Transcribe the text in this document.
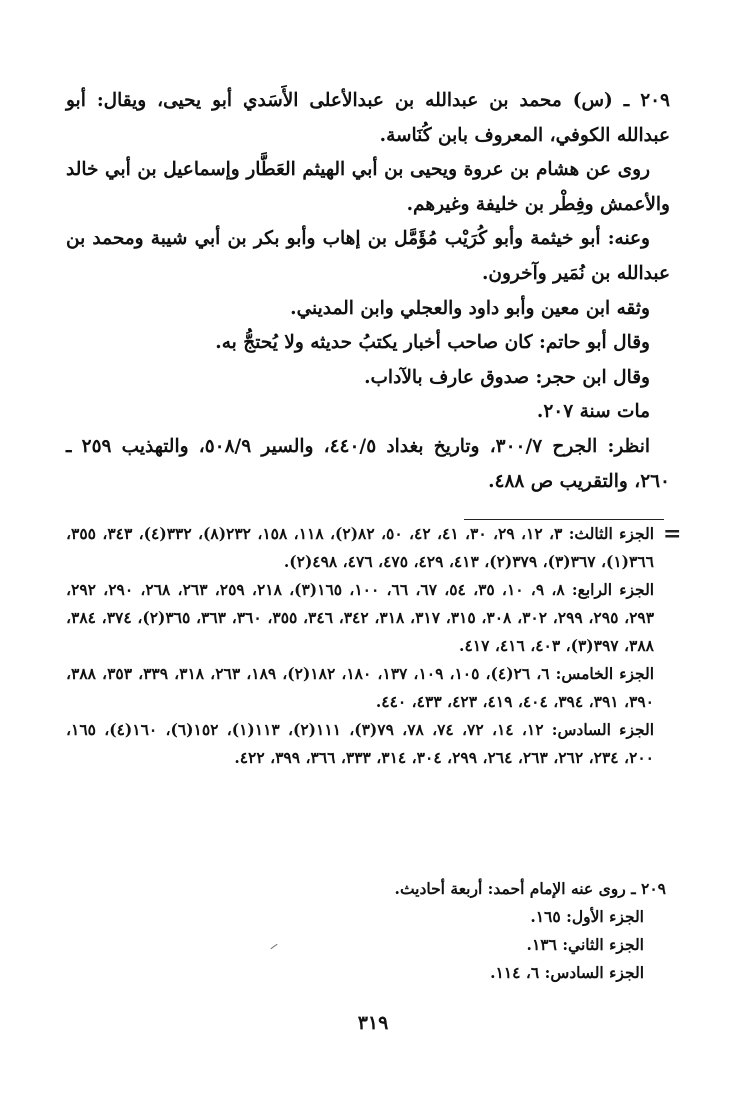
٢٠٩ ـ (س) محمد بن عبدالله بن عبدالأعلى الأَسَدي أبو يحيى، ويقال: أبو عبدالله الكوفي، المعروف بابن كُنَاسة.

روى عن هشام بن عروة ويحيى بن أبي الهيثم العَطَّار وإسماعيل بن أبي خالد والأعمش وفِطْر بن خليفة وغيرهم.

وعنه: أبو خيثمة وأبو كُرَيْب مُؤَمَّل بن إهاب وأبو بكر بن أبي شيبة ومحمد بن عبدالله بن نُمَير وآخرون.

وثقه ابن معين وأبو داود والعجلي وابن المديني.

وقال أبو حاتم: كان صاحب أخبار يكتبُ حديثه ولا يُحتجُّ به.

وقال ابن حجر: صدوق عارف بالآداب.

مات سنة ٢٠٧.

انظر: الجرح ٣٠٠/٧، وتاريخ بغداد ٤٤٠/٥، والسير ٥٠٨/٩، والتهذيب ٢٥٩ ـ ٢٦٠، والتقريب ص ٤٨٨.

=

الجزء الثالث: ٣، ١٢، ٢٩، ٣٠، ٤١، ٤٢، ٥٠، ٨٢(٢)، ١١٨، ١٥٨، ٢٣٢(٨)، ٣٣٢(٤)، ٣٤٣، ٣٥٥، ٣٦٦(١)، ٣٦٧(٣)، ٣٧٩(٢)، ٤١٣، ٤٢٩، ٤٧٥، ٤٧٦، ٤٩٨(٢).

الجزء الرابع: ٨، ٩، ١٠، ٣٥، ٥٤، ٦٧، ٦٦، ١٠٠، ١٦٥(٣)، ٢١٨، ٢٥٩، ٢٦٣، ٢٦٨، ٢٩٠، ٢٩٢، ٢٩٣، ٢٩٥، ٢٩٩، ٣٠٢، ٣٠٨، ٣١٥، ٣١٧، ٣١٨، ٣٤٢، ٣٤٦، ٣٥٥، ٣٦٠، ٣٦٣، ٣٦٥(٢)، ٣٧٤، ٣٨٤، ٣٨٨، ٣٩٧(٣)، ٤٠٣، ٤١٦، ٤١٧.

الجزء الخامس: ٦، ٢٦(٤)، ١٠٥، ١٠٩، ١٣٧، ١٨٠، ١٨٢(٢)، ١٨٩، ٢٦٣، ٣١٨، ٣٣٩، ٣٥٣، ٣٨٨، ٣٩٠، ٣٩١، ٣٩٤، ٤٠٤، ٤١٩، ٤٢٣، ٤٣٣، ٤٤٠.

الجزء السادس: ١٢، ١٤، ٧٢، ٧٤، ٧٨، ٧٩(٣)، ١١١(٢)، ١١٣(١)، ١٥٢(٦)، ١٦٠(٤)، ١٦٥، ٢٠٠، ٢٣٤، ٢٦٢، ٢٦٣، ٢٦٤، ٢٩٩، ٣٠٤، ٣١٤، ٣٣٣، ٣٦٦، ٣٩٩، ٤٢٢.

٢٠٩ ـ روى عنه الإمام أحمد: أربعة أحاديث.

الجزء الأول: ١٦٥.

الجزء الثاني: ١٣٦.

الجزء السادس: ٦، ١١٤.

٣١٩
